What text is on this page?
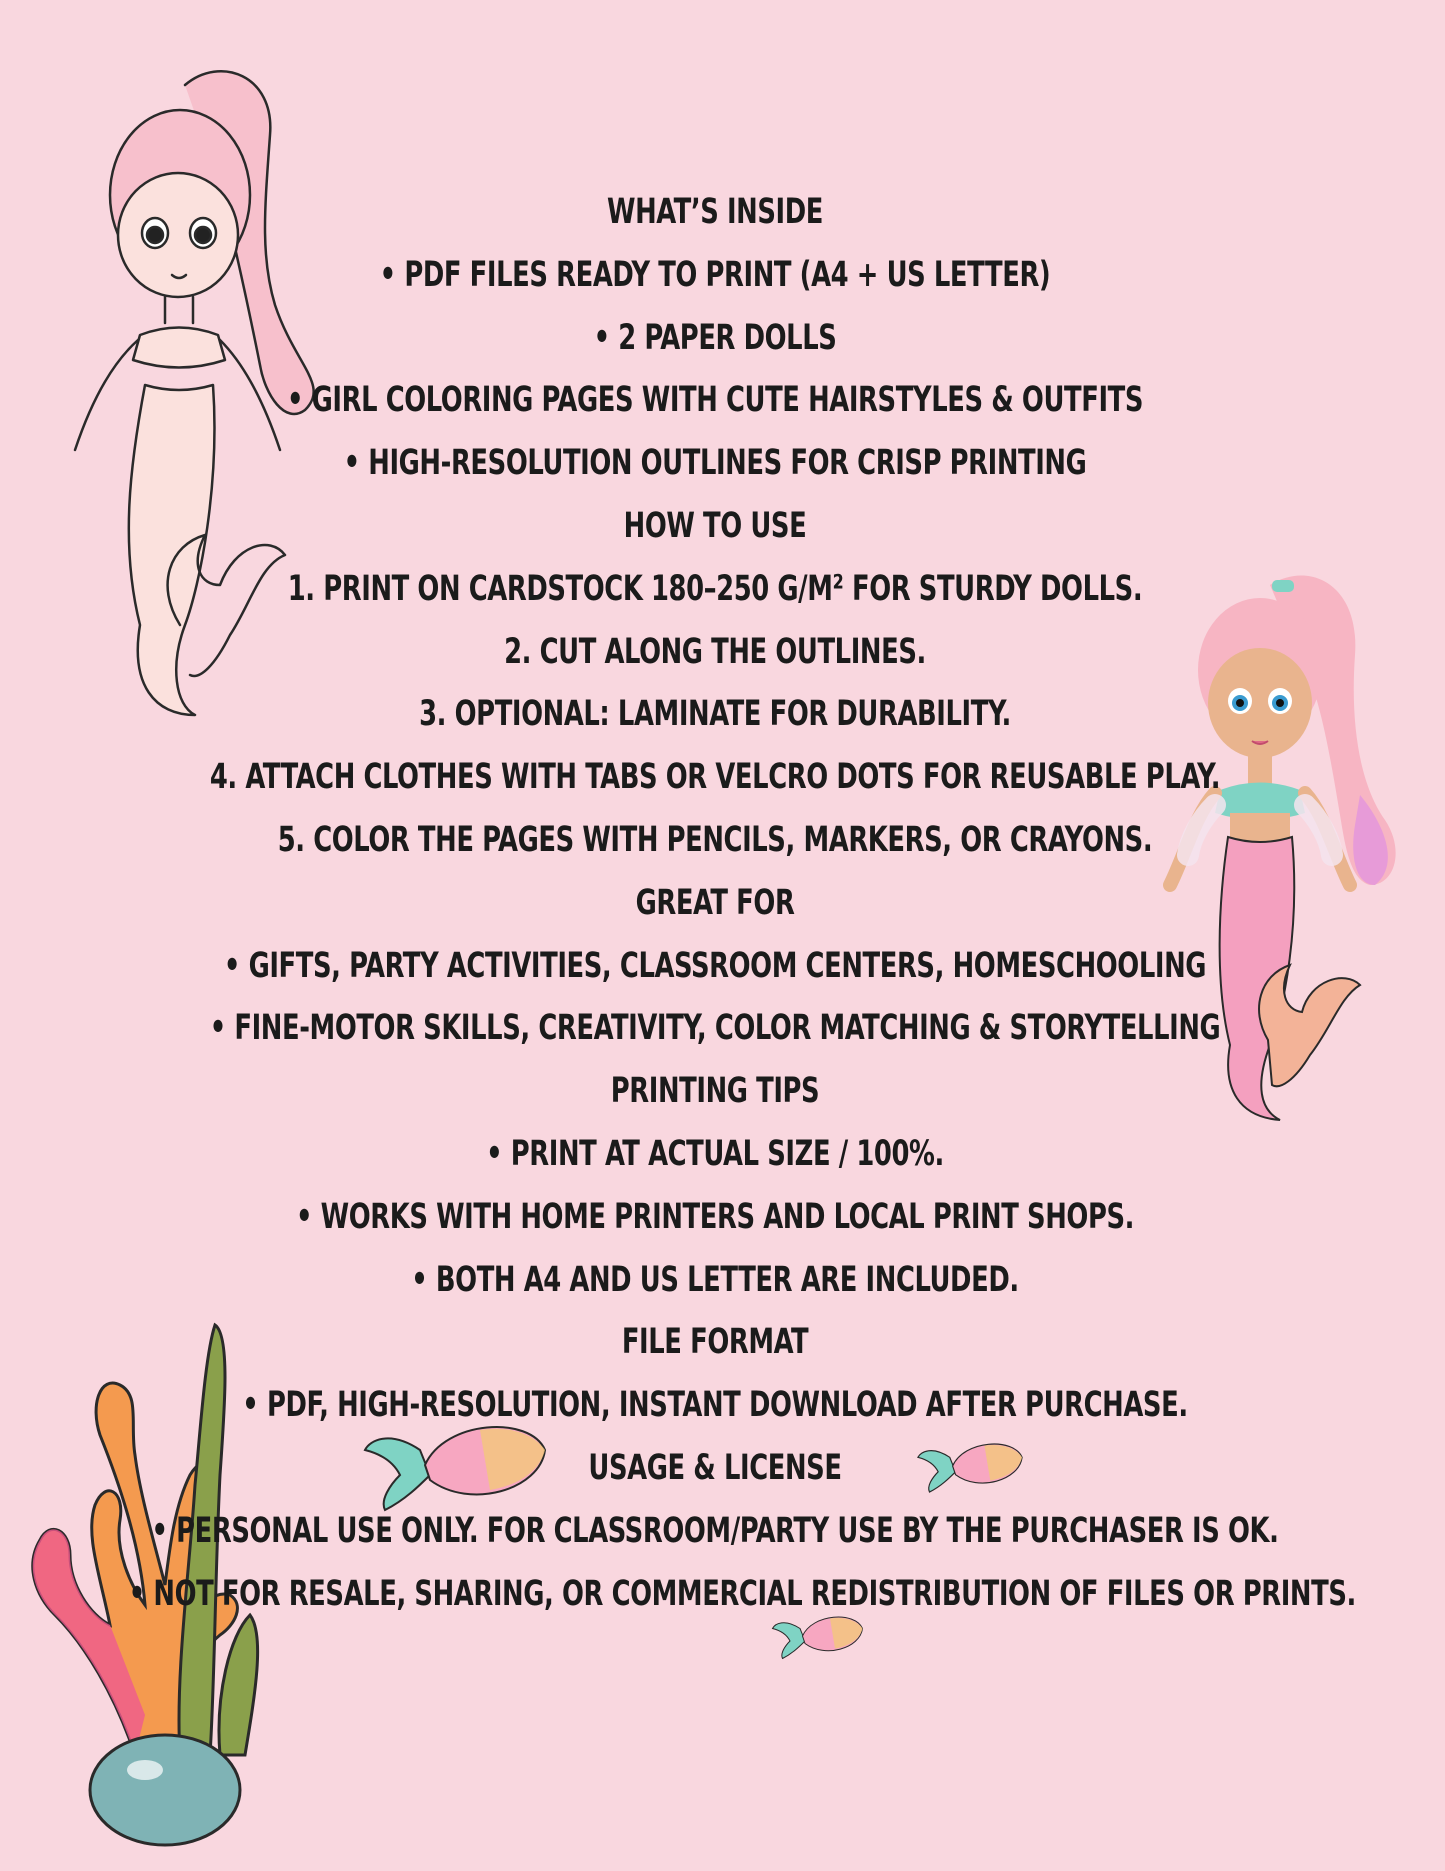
WHAT’S INSIDE
• PDF FILES READY TO PRINT (A4 + US LETTER)
• 2 PAPER DOLLS
• GIRL COLORING PAGES WITH CUTE HAIRSTYLES & OUTFITS
• HIGH-RESOLUTION OUTLINES FOR CRISP PRINTING
HOW TO USE
1. PRINT ON CARDSTOCK 180–250 G/M² FOR STURDY DOLLS.
2. CUT ALONG THE OUTLINES.
3. OPTIONAL: LAMINATE FOR DURABILITY.
4. ATTACH CLOTHES WITH TABS OR VELCRO DOTS FOR REUSABLE PLAY.
5. COLOR THE PAGES WITH PENCILS, MARKERS, OR CRAYONS.
GREAT FOR
• GIFTS, PARTY ACTIVITIES, CLASSROOM CENTERS, HOMESCHOOLING
• FINE-MOTOR SKILLS, CREATIVITY, COLOR MATCHING & STORYTELLING
PRINTING TIPS
• PRINT AT ACTUAL SIZE / 100%.
• WORKS WITH HOME PRINTERS AND LOCAL PRINT SHOPS.
• BOTH A4 AND US LETTER ARE INCLUDED.
FILE FORMAT
• PDF, HIGH-RESOLUTION, INSTANT DOWNLOAD AFTER PURCHASE.
USAGE & LICENSE
• PERSONAL USE ONLY. FOR CLASSROOM/PARTY USE BY THE PURCHASER IS OK.
• NOT FOR RESALE, SHARING, OR COMMERCIAL REDISTRIBUTION OF FILES OR PRINTS.
